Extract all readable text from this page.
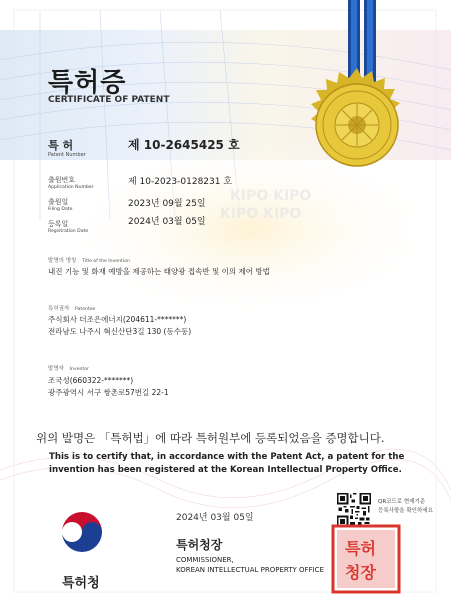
KIPO KIPO
KIPO KIPO
특허증
CERTIFICATE OF PATENT
특 허
Patent Number
제 10-2645425 호
출원번호
Application Number
제 10-2023-0128231 호
출원일
Filing Date
2023년 09월 25일
등록일
Registration Date
2024년 03월 05일
발명의 명칭 Title of the Invention
내진 기능 및 화재 예방을 제공하는 태양광 접속반 및 이의 제어 방법
특허권자 Patentee
주식회사 더조은에너지(204611-*******)
전라남도 나주시 혁신산단3길 130 (동수동)
발명자 Inventor
조국성(660322-*******)
광주광역시 서구 쌍촌로57번길 22-1
위의 발명은 「특허법」에 따라 특허원부에 등록되었음을 증명합니다.
This is to certify that, in accordance with the Patent Act, a patent for the
invention has been registered at the Korean Intellectual Property Office.
특허청
2024년 03월 05일
특허청장
COMMISSIONER,
KOREAN INTELLECTUAL PROPERTY OFFICE
QR코드로 현재기준
등록사항을 확인하세요
특허
청장
